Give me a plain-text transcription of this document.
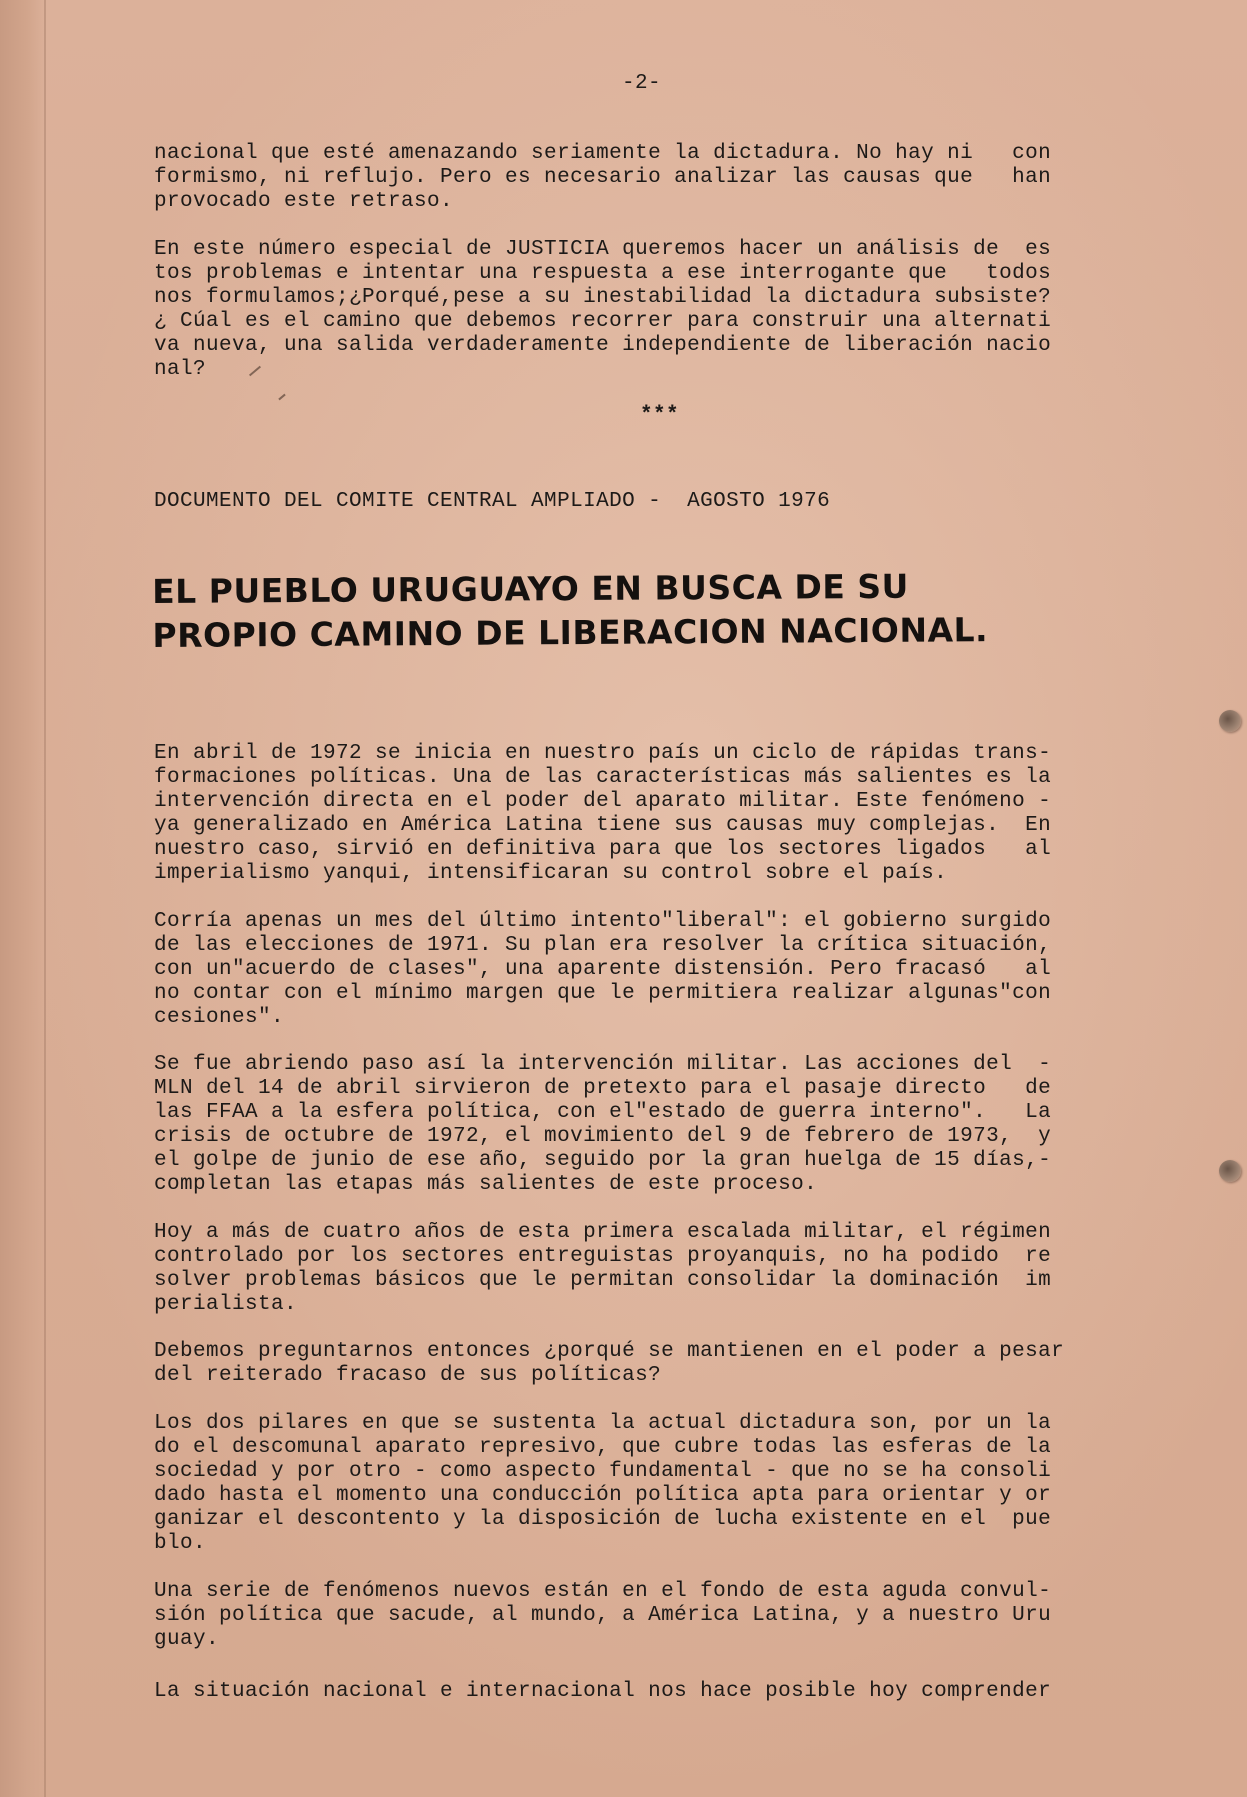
-2-
nacional que esté amenazando seriamente la dictadura. No hay ni   con
formismo, ni reflujo. Pero es necesario analizar las causas que   han
provocado este retraso.
En este número especial de JUSTICIA queremos hacer un análisis de  es
tos problemas e intentar una respuesta a ese interrogante que   todos
nos formulamos;¿Porqué,pese a su inestabilidad la dictadura subsiste?
¿ Cúal es el camino que debemos recorrer para construir una alternati
va nueva, una salida verdaderamente independiente de liberación nacio
nal?
***
DOCUMENTO DEL COMITE CENTRAL AMPLIADO -  AGOSTO 1976
EL PUEBLO URUGUAYO EN BUSCA DE SU
PROPIO CAMINO DE LIBERACION NACIONAL.
En abril de 1972 se inicia en nuestro país un ciclo de rápidas trans-
formaciones políticas. Una de las características más salientes es la
intervención directa en el poder del aparato militar. Este fenómeno -
ya generalizado en América Latina tiene sus causas muy complejas.  En
nuestro caso, sirvió en definitiva para que los sectores ligados   al
imperialismo yanqui, intensificaran su control sobre el país.
Corría apenas un mes del último intento"liberal": el gobierno surgido
de las elecciones de 1971. Su plan era resolver la crítica situación,
con un"acuerdo de clases", una aparente distensión. Pero fracasó   al
no contar con el mínimo margen que le permitiera realizar algunas"con
cesiones".
Se fue abriendo paso así la intervención militar. Las acciones del  -
MLN del 14 de abril sirvieron de pretexto para el pasaje directo   de
las FFAA a la esfera política, con el"estado de guerra interno".   La
crisis de octubre de 1972, el movimiento del 9 de febrero de 1973,  y
el golpe de junio de ese año, seguido por la gran huelga de 15 días,-
completan las etapas más salientes de este proceso.
Hoy a más de cuatro años de esta primera escalada militar, el régimen
controlado por los sectores entreguistas proyanquis, no ha podido  re
solver problemas básicos que le permitan consolidar la dominación  im
perialista.
Debemos preguntarnos entonces ¿porqué se mantienen en el poder a pesar
del reiterado fracaso de sus políticas?
Los dos pilares en que se sustenta la actual dictadura son, por un la
do el descomunal aparato represivo, que cubre todas las esferas de la
sociedad y por otro - como aspecto fundamental - que no se ha consoli
dado hasta el momento una conducción política apta para orientar y or
ganizar el descontento y la disposición de lucha existente en el  pue
blo.
Una serie de fenómenos nuevos están en el fondo de esta aguda convul-
sión política que sacude, al mundo, a América Latina, y a nuestro Uru
guay.
La situación nacional e internacional nos hace posible hoy comprender
